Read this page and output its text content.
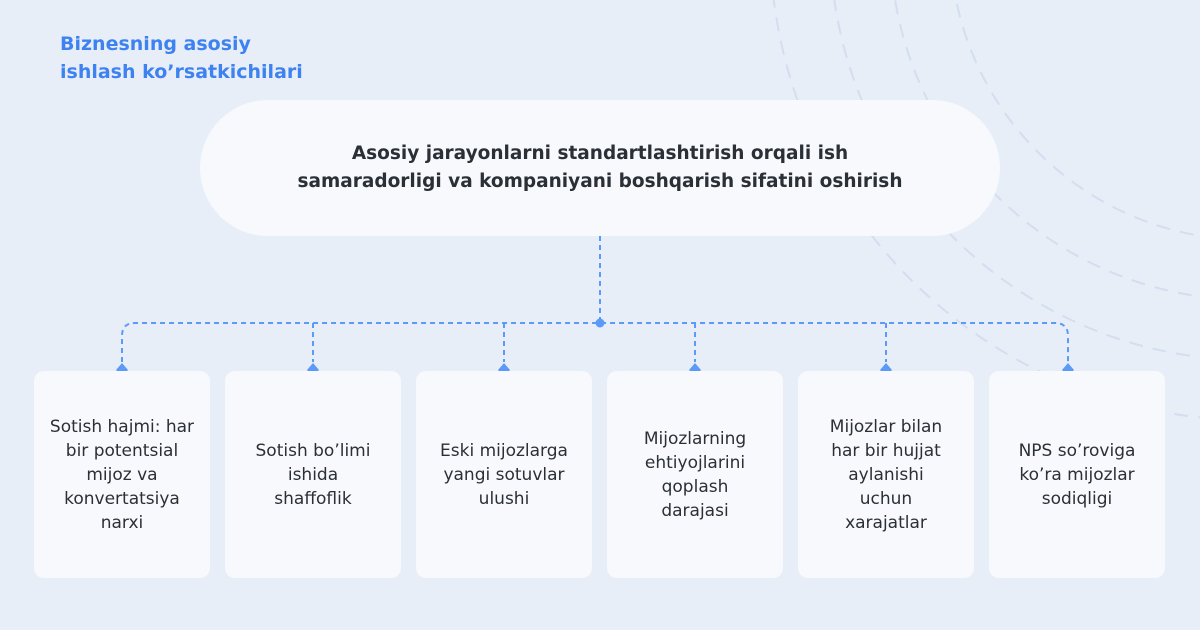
Biznesning asosiy
ishlash ko’rsatkichilari
Asosiy jarayonlarni standartlashtirish orqali ish
samaradorligi va kompaniyani boshqarish sifatini oshirish
Sotish hajmi: har
bir potentsial
mijoz va
konvertatsiya
narxi
Sotish bo’limi
ishida
shaffoflik
Eski mijozlarga
yangi sotuvlar
ulushi
Mijozlarning
ehtiyojlarini
qoplash
darajasi
Mijozlar bilan
har bir hujjat
aylanishi
uchun
xarajatlar
NPS so’roviga
ko’ra mijozlar
sodiqligi
